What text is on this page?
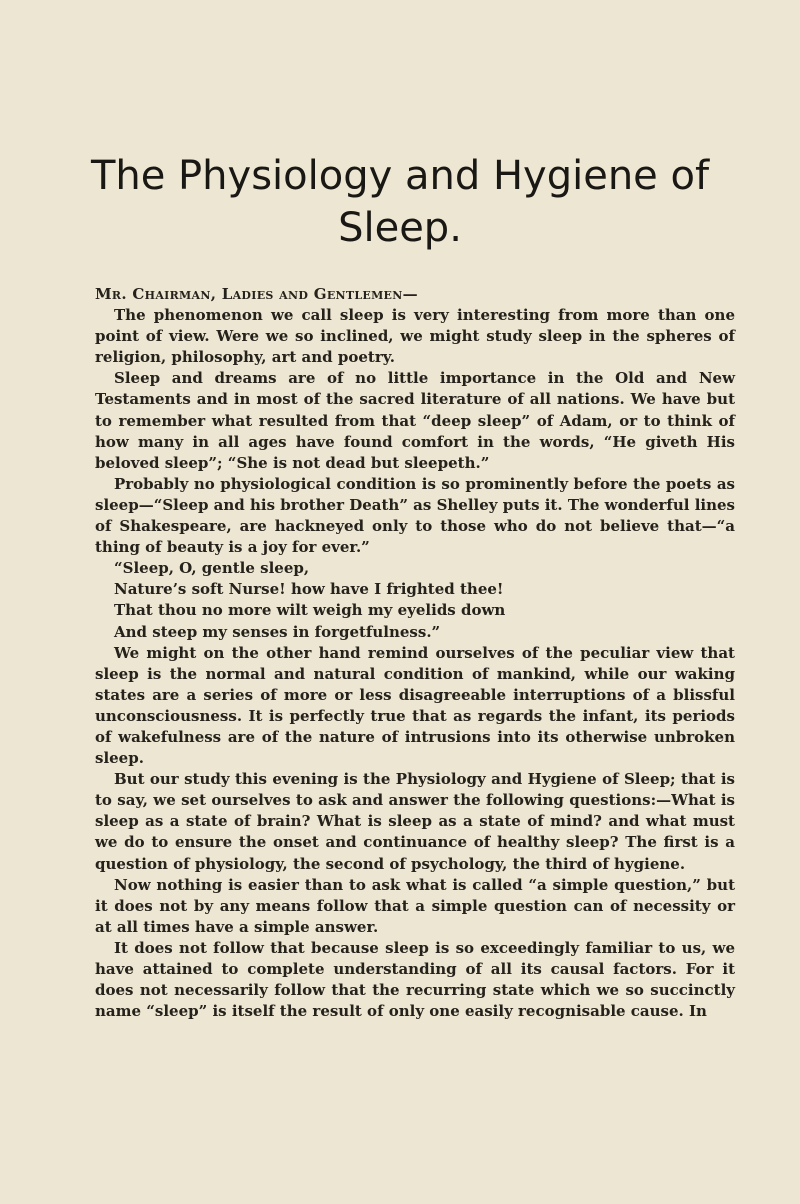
The Physiology and Hygiene of
Sleep.
Mr. Chairman, Ladies and Gentlemen—

The phenomenon we call sleep is very interesting from more than one point of view. Were we so inclined, we might study sleep in the spheres of religion, philosophy, art and poetry.

Sleep and dreams are of no little importance in the Old and New Testaments and in most of the sacred literature of all nations. We have but to remember what resulted from that “deep sleep” of Adam, or to think of how many in all ages have found comfort in the words, “He giveth His beloved sleep”; “She is not dead but sleepeth.”

Probably no physiological condition is so prominently before the poets as sleep—“Sleep and his brother Death” as Shelley puts it. The wonderful lines of Shakespeare, are hackneyed only to those who do not believe that—“a thing of beauty is a joy for ever.”

“Sleep, O, gentle sleep,
Nature’s soft Nurse! how have I frighted thee!
That thou no more wilt weigh my eyelids down
And steep my senses in forgetfulness.”

We might on the other hand remind ourselves of the peculiar view that sleep is the normal and natural condition of mankind, while our waking states are a series of more or less disagreeable interruptions of a blissful unconsciousness. It is perfectly true that as regards the infant, its periods of wakefulness are of the nature of intrusions into its otherwise unbroken sleep.

But our study this evening is the Physiology and Hygiene of Sleep; that is to say, we set ourselves to ask and answer the following questions:—What is sleep as a state of brain? What is sleep as a state of mind? and what must we do to ensure the onset and continuance of healthy sleep? The first is a question of physiology, the second of psychology, the third of hygiene.

Now nothing is easier than to ask what is called “a simple question,” but it does not by any means follow that a simple question can of necessity or at all times have a simple answer.

It does not follow that because sleep is so exceedingly familiar to us, we have attained to complete understanding of all its causal factors. For it does not necessarily follow that the recurring state which we so succinctly name “sleep” is itself the result of only one easily recognisable cause. In
